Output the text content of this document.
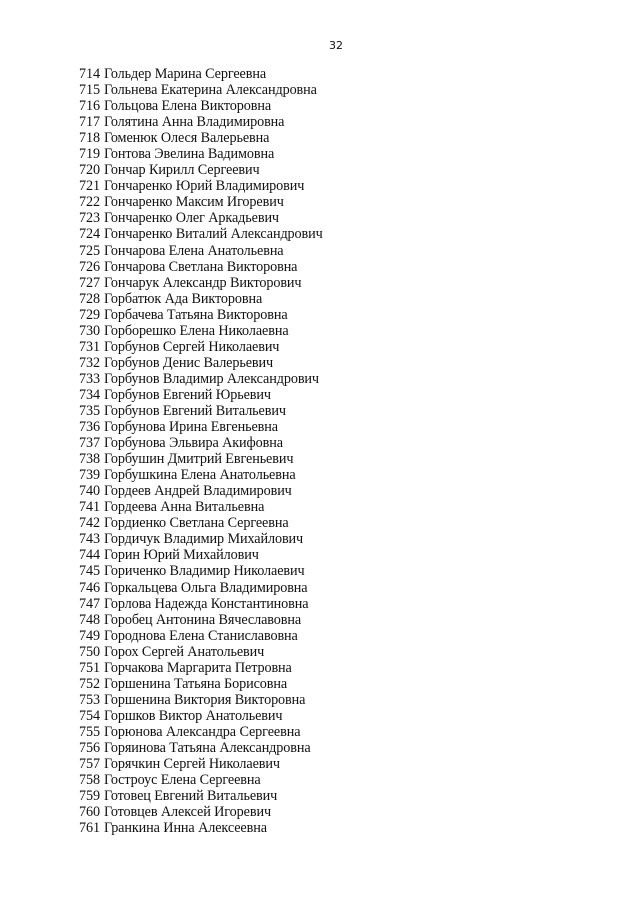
32
714 Гольдер Марина Сергеевна
715 Гольнева Екатерина Александровна
716 Гольцова Елена Викторовна
717 Голятина Анна Владимировна
718 Гоменюк Олеся Валерьевна
719 Гонтова Эвелина Вадимовна
720 Гончар Кирилл Сергеевич
721 Гончаренко Юрий Владимирович
722 Гончаренко Максим Игоревич
723 Гончаренко Олег Аркадьевич
724 Гончаренко Виталий Александрович
725 Гончарова Елена Анатольевна
726 Гончарова Светлана Викторовна
727 Гончарук Александр Викторович
728 Горбатюк Ада Викторовна
729 Горбачева Татьяна Викторовна
730 Горборешко Елена Николаевна
731 Горбунов Сергей Николаевич
732 Горбунов Денис Валерьевич
733 Горбунов Владимир Александрович
734 Горбунов Евгений Юрьевич
735 Горбунов Евгений Витальевич
736 Горбунова Ирина Евгеньевна
737 Горбунова Эльвира Акифовна
738 Горбушин Дмитрий Евгеньевич
739 Горбушкина Елена Анатольевна
740 Гордеев Андрей Владимирович
741 Гордеева Анна Витальевна
742 Гордиенко Светлана Сергеевна
743 Гордичук Владимир Михайлович
744 Горин Юрий Михайлович
745 Гориченко Владимир Николаевич
746 Горкальцева Ольга Владимировна
747 Горлова Надежда Константиновна
748 Горобец Антонина Вячеславовна
749 Городнова Елена Станиславовна
750 Горох Сергей Анатольевич
751 Горчакова Маргарита Петровна
752 Горшенина Татьяна Борисовна
753 Горшенина Виктория Викторовна
754 Горшков Виктор Анатольевич
755 Горюнова Александра Сергеевна
756 Горяинова Татьяна Александровна
757 Горячкин Сергей Николаевич
758 Гостроус Елена Сергеевна
759 Готовец Евгений Витальевич
760 Готовцев Алексей Игоревич
761 Гранкина Инна Алексеевна
